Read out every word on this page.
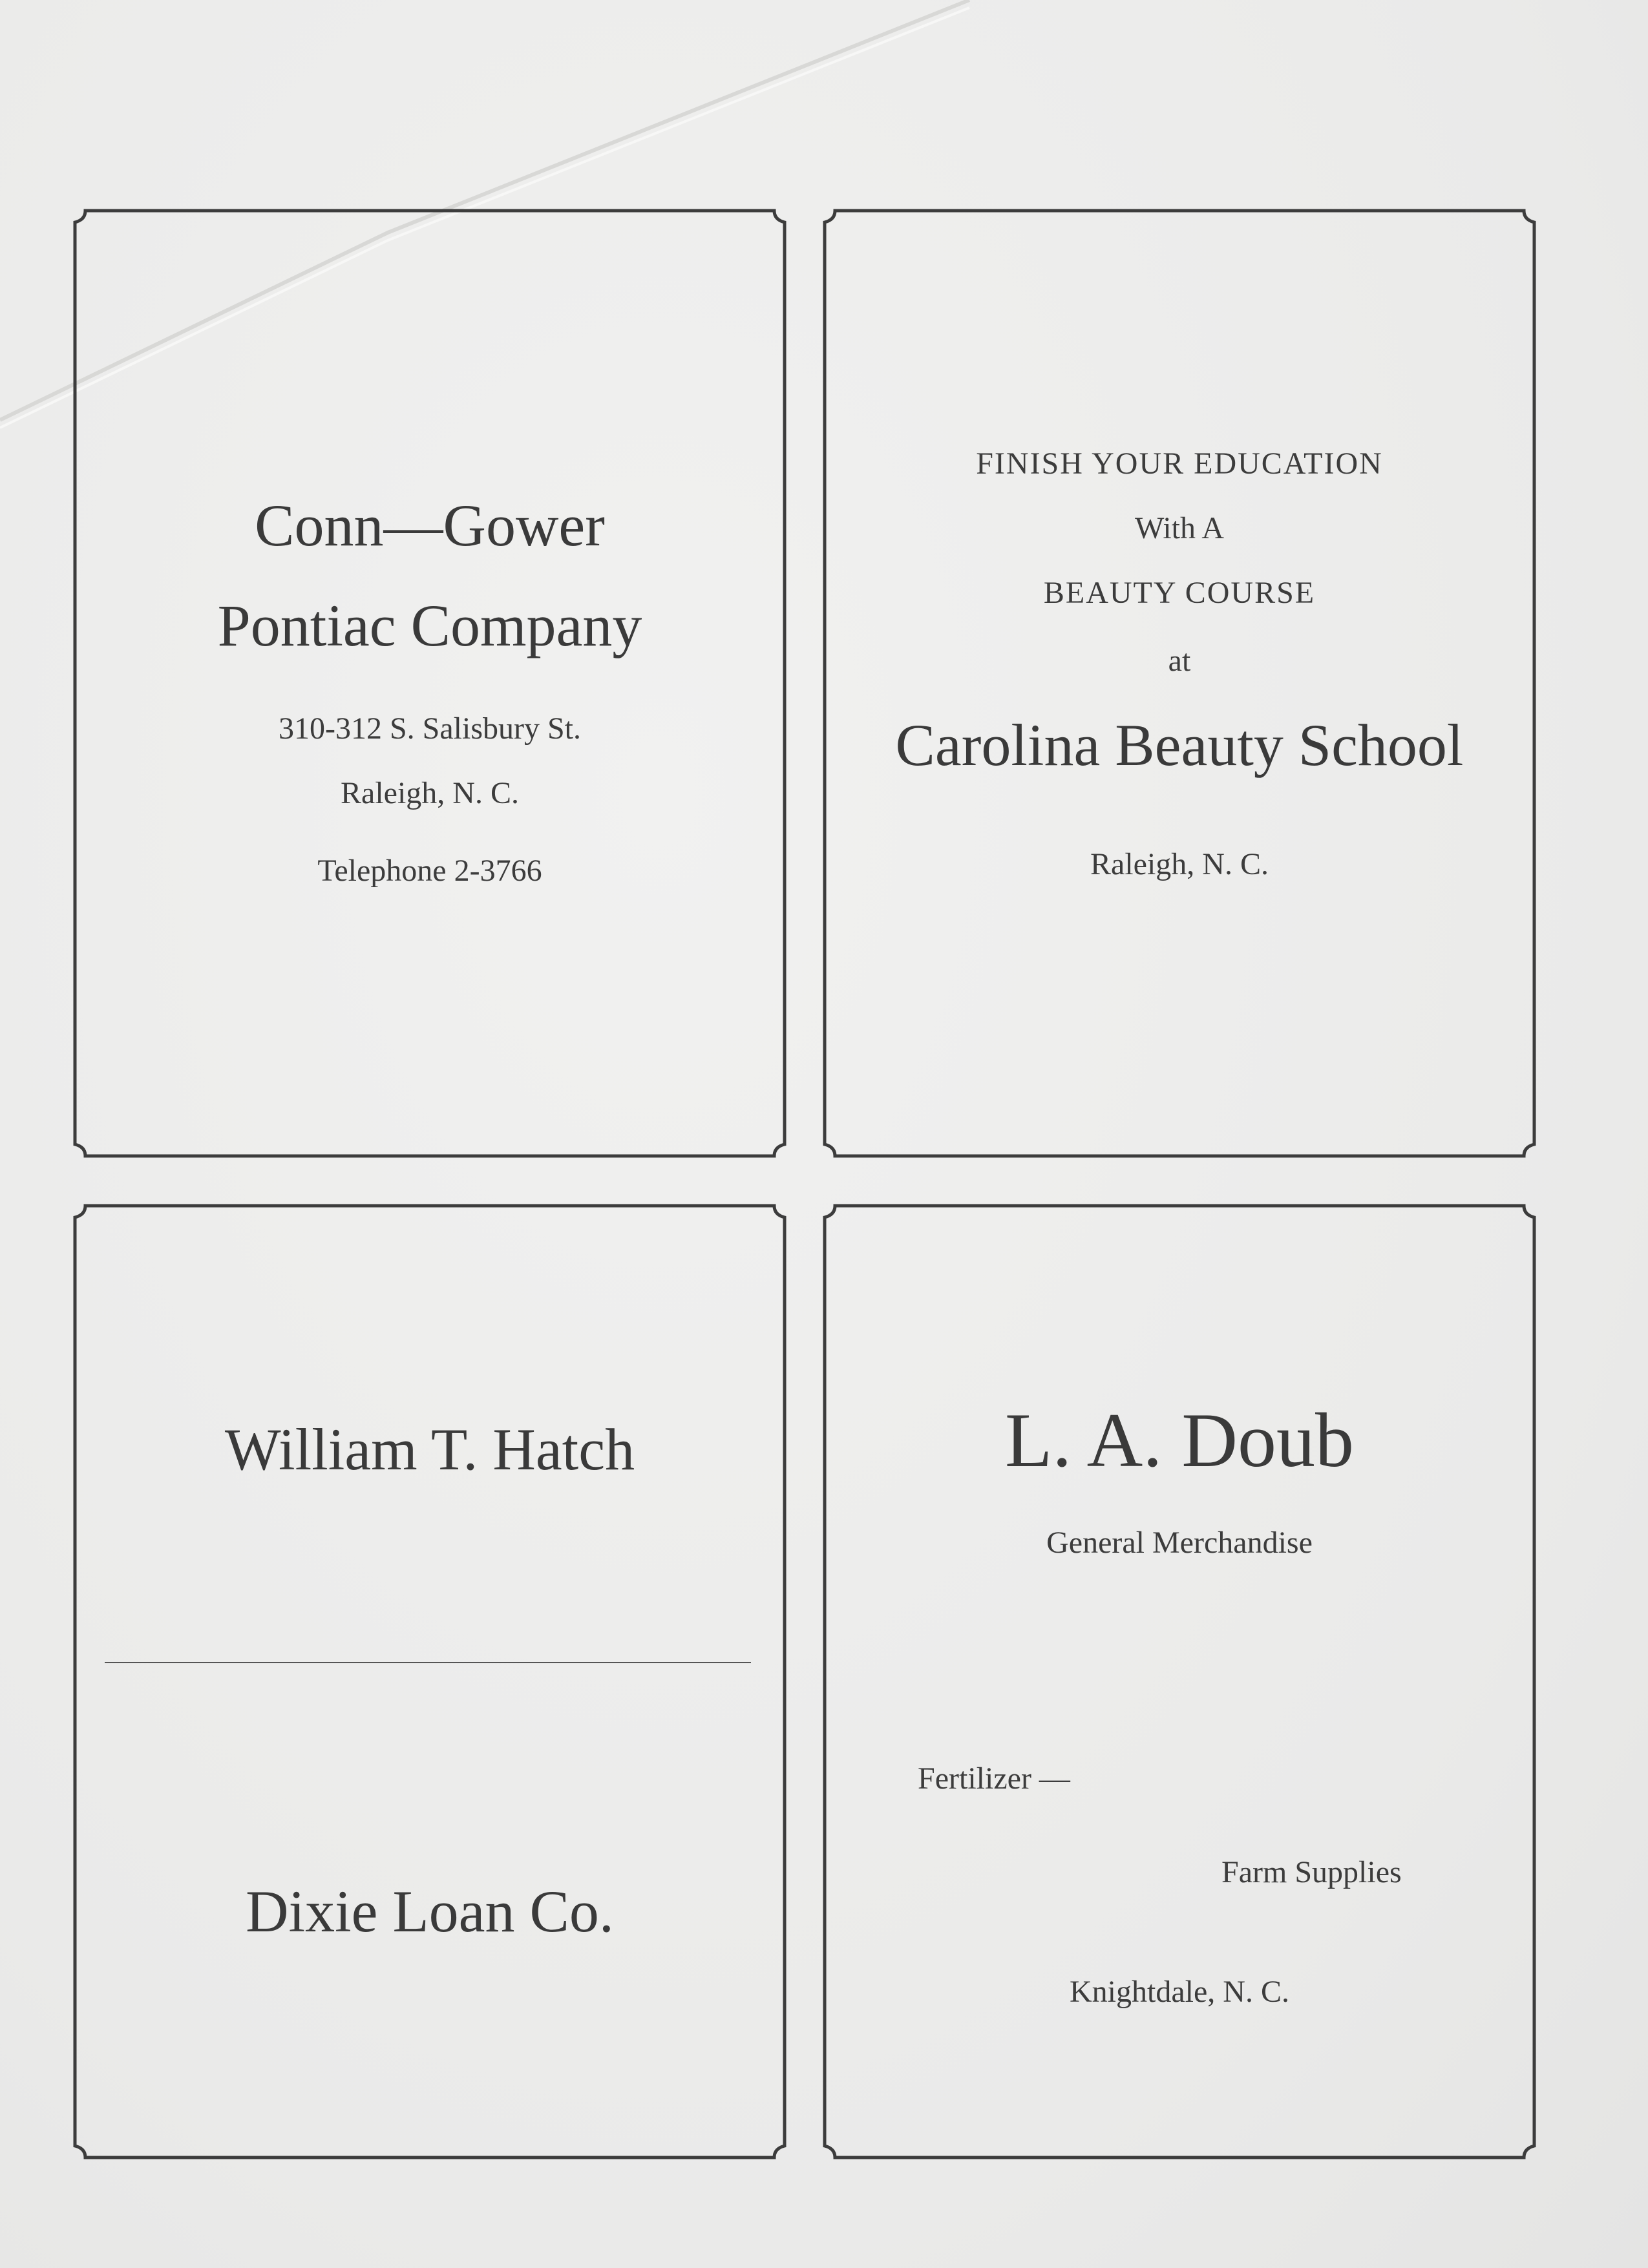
Conn—Gower
Pontiac Company
310-312 S. Salisbury St.
Raleigh, N. C.
Telephone 2-3766
FINISH YOUR EDUCATION
With A
BEAUTY COURSE
at
Carolina Beauty School
Raleigh, N. C.
William T. Hatch
Dixie Loan Co.
L. A. Doub
General Merchandise
Fertilizer —
Farm Supplies
Knightdale, N. C.
